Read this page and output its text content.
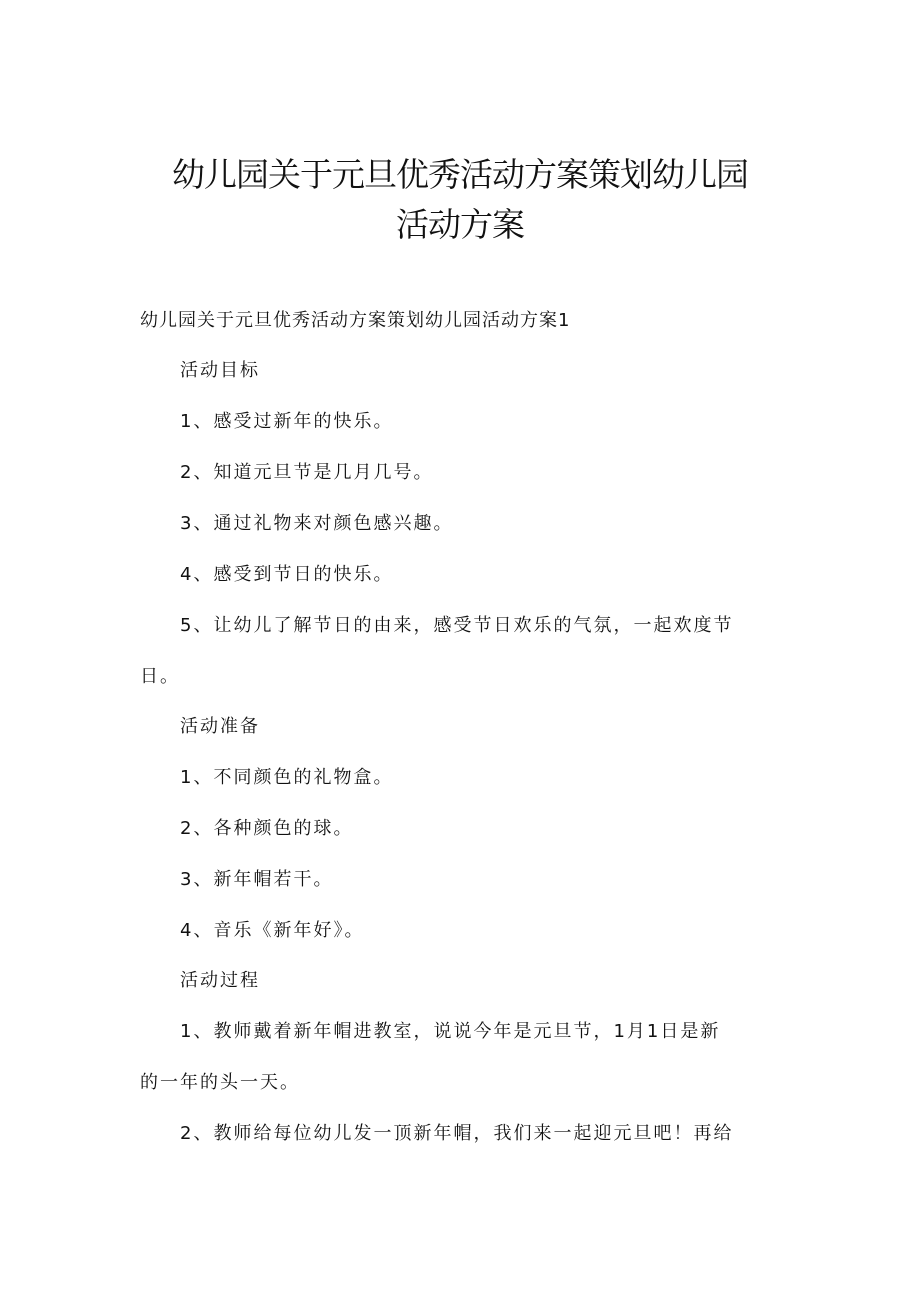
幼儿园关于元旦优秀活动方案策划幼儿园
活动方案

幼儿园关于元旦优秀活动方案策划幼儿园活动方案1

活动目标

1、感受过新年的快乐。

2、知道元旦节是几月几号。

3、通过礼物来对颜色感兴趣。

4、感受到节日的快乐。

5、让幼儿了解节日的由来，感受节日欢乐的气氛，一起欢度节

日。

活动准备

1、不同颜色的礼物盒。

2、各种颜色的球。

3、新年帽若干。

4、音乐《新年好》。

活动过程

1、教师戴着新年帽进教室，说说今年是元旦节，1月1日是新

的一年的头一天。

2、教师给每位幼儿发一顶新年帽，我们来一起迎元旦吧！再给
